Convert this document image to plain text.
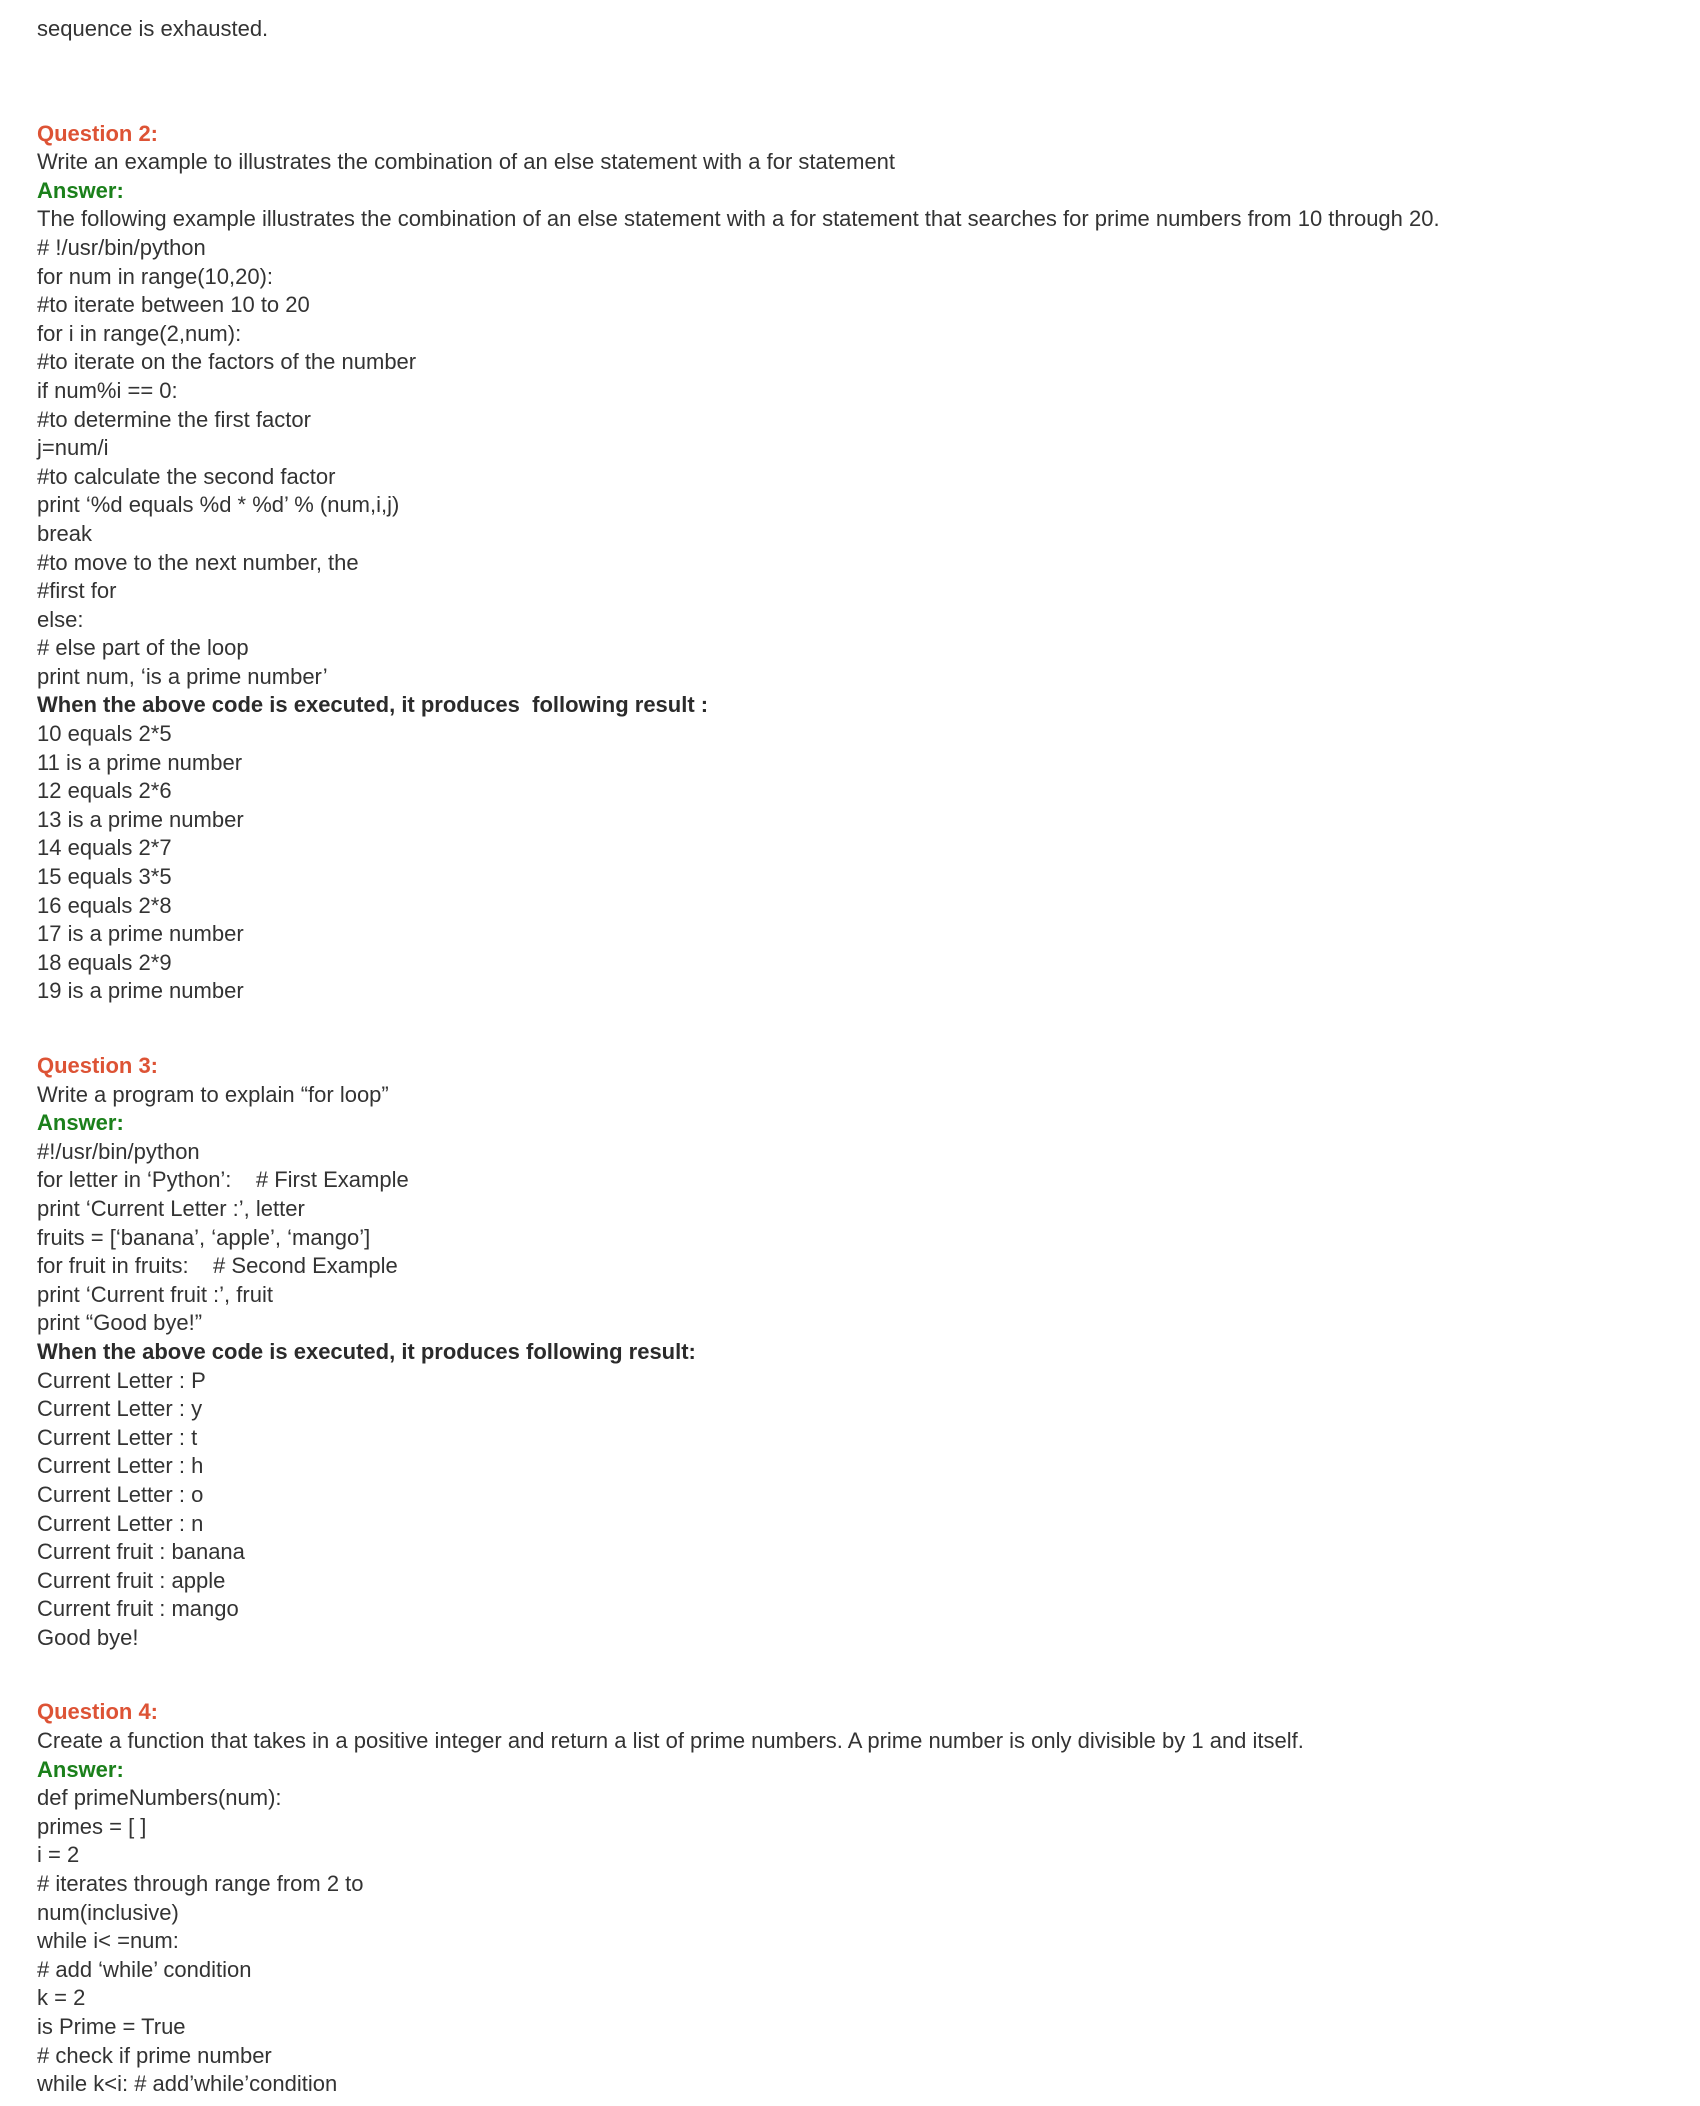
sequence is exhausted.
Question 2:
Write an example to illustrates the combination of an else statement with a for statement
Answer:
The following example illustrates the combination of an else statement with a for statement that searches for prime numbers from 10 through 20.
# !/usr/bin/python
for num in range(10,20):
#to iterate between 10 to 20
for i in range(2,num):
#to iterate on the factors of the number
if num%i == 0:
#to determine the first factor
j=num/i
#to calculate the second factor
print ‘%d equals %d * %d’ % (num,i,j)
break
#to move to the next number, the
#first for
else:
# else part of the loop
print num, ‘is a prime number’
When the above code is executed, it produces  following result :
10 equals 2*5
11 is a prime number
12 equals 2*6
13 is a prime number
14 equals 2*7
15 equals 3*5
16 equals 2*8
17 is a prime number
18 equals 2*9
19 is a prime number
Question 3:
Write a program to explain “for loop”
Answer:
#!/usr/bin/python
for letter in ‘Python’:    # First Example
print ‘Current Letter :’, letter
fruits = [‘banana’, ‘apple’, ‘mango’]
for fruit in fruits:    # Second Example
print ‘Current fruit :’, fruit
print “Good bye!”
When the above code is executed, it produces following result:
Current Letter : P
Current Letter : y
Current Letter : t
Current Letter : h
Current Letter : o
Current Letter : n
Current fruit : banana
Current fruit : apple
Current fruit : mango
Good bye!
Question 4:
Create a function that takes in a positive integer and return a list of prime numbers. A prime number is only divisible by 1 and itself.
Answer:
def primeNumbers(num):
primes = [ ]
i = 2
# iterates through range from 2 to
num(inclusive)
while i< =num:
# add ‘while’ condition
k = 2
is Prime = True
# check if prime number
while k<i: # add’while’condition
